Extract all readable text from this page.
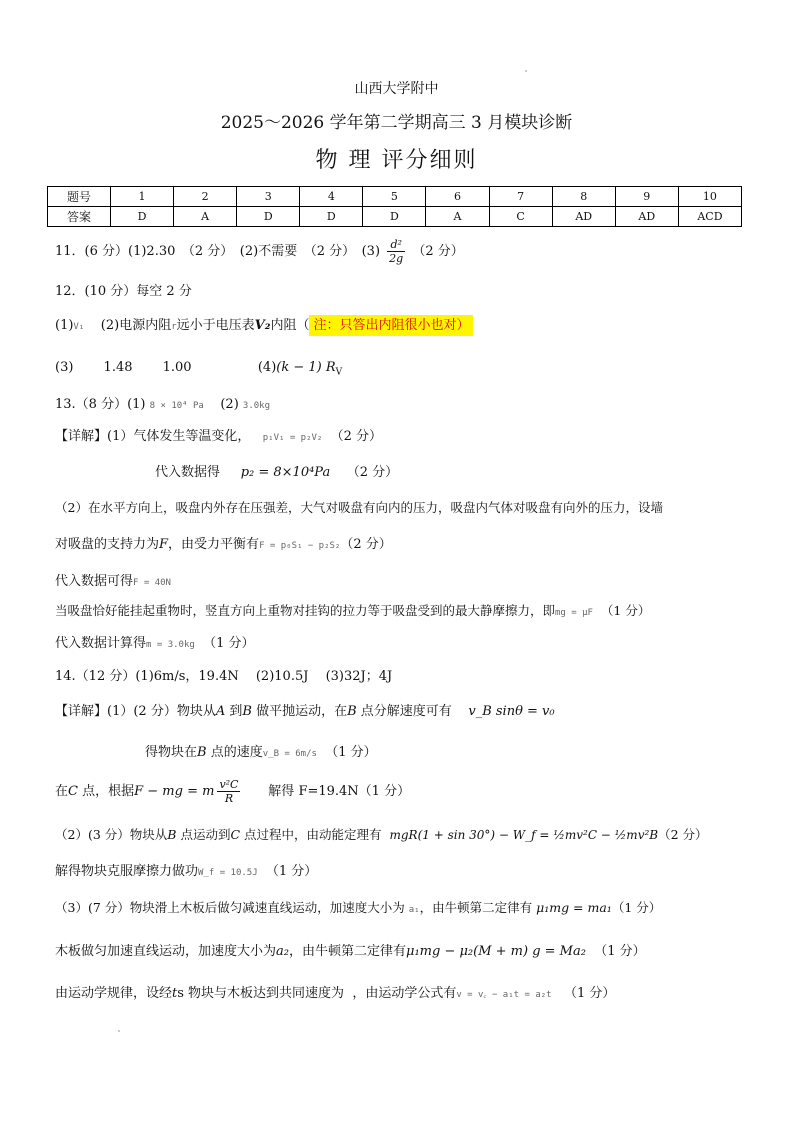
山西大学附中
2025～2026 学年第二学期高三 3 月模块诊断
物 理 评分细则
题号	1	2	3	4	5	6	7	8	9	10
答案	D	A	D	D	D	A	C	AD	AD	ACD
11．(6 分）(1)2.30　（2 分）　(2)不需要　（2 分）　$(3) \frac{\text{d²}}{2g} (2$ 分）
12．(10 分）每空 2 分
(1)V₁ (2)电源内阻r远小于电压表V₂内阻（ 注：只答出内阻很小也对）
(3)　　 1.48　　 1.00	(4)(k − 1) $R_V$
13.（8 分）(1) 8 × 10⁴ Pa (2) 3.0kg
【详解】(1）气体发生等温变化， p₁V₁ = p₂V₂ （2 分）
代入数据得 p₂ = 8×10⁴Pa （2 分）
（2）在水平方向上，吸盘内外存在压强差，大气对吸盘有向内的压力，吸盘内气体对吸盘有向外的压力，设墙
对吸盘的支持力为F，由受力平衡有F = p₀S₁ − p₂S₂（2 分）
代入数据可得F = 40N
当吸盘恰好能挂起重物时，竖直方向上重物对挂钩的拉力等于吸盘受到的最大静摩擦力，即mg = μF （1 分）
代入数据计算得m = 3.0kg （1 分）
14.（12 分）(1)6m/s，19.4N　 (2)10.5J　 (3)32J；4J
【详解】(1）(2 分）物块从A 到B 做平抛运动，在B 点分解速度可有 v_B sinθ = v₀
得物块在B 点的速度v_B = 6m/s （1 分）
在C 点，根据F − mg = m $\frac{\text{v²C}}{R}$ 解得 F=19.4N（1 分）
（2）(3 分）物块从B 点运动到C 点过程中，由动能定理有 mgR(1 + sin 30°) − W_f = ½mv²C − ½mv²B（2 分）
解得物块克服摩擦力做功W_f = 10.5J （1 分）
（3）(7 分）物块滑上木板后做匀减速直线运动，加速度大小为 a₁，由牛顿第二定律有 μ₁mg = ma₁（1 分）
木板做匀加速直线运动，加速度大小为a₂，由牛顿第二定律有μ₁mg − μ₂(M + m) g = Ma₂ （1 分）
由运动学规律，设经ts 物块与木板达到共同速度为 ，由运动学公式有v = v꜀ − a₁t = a₂t （1 分）
